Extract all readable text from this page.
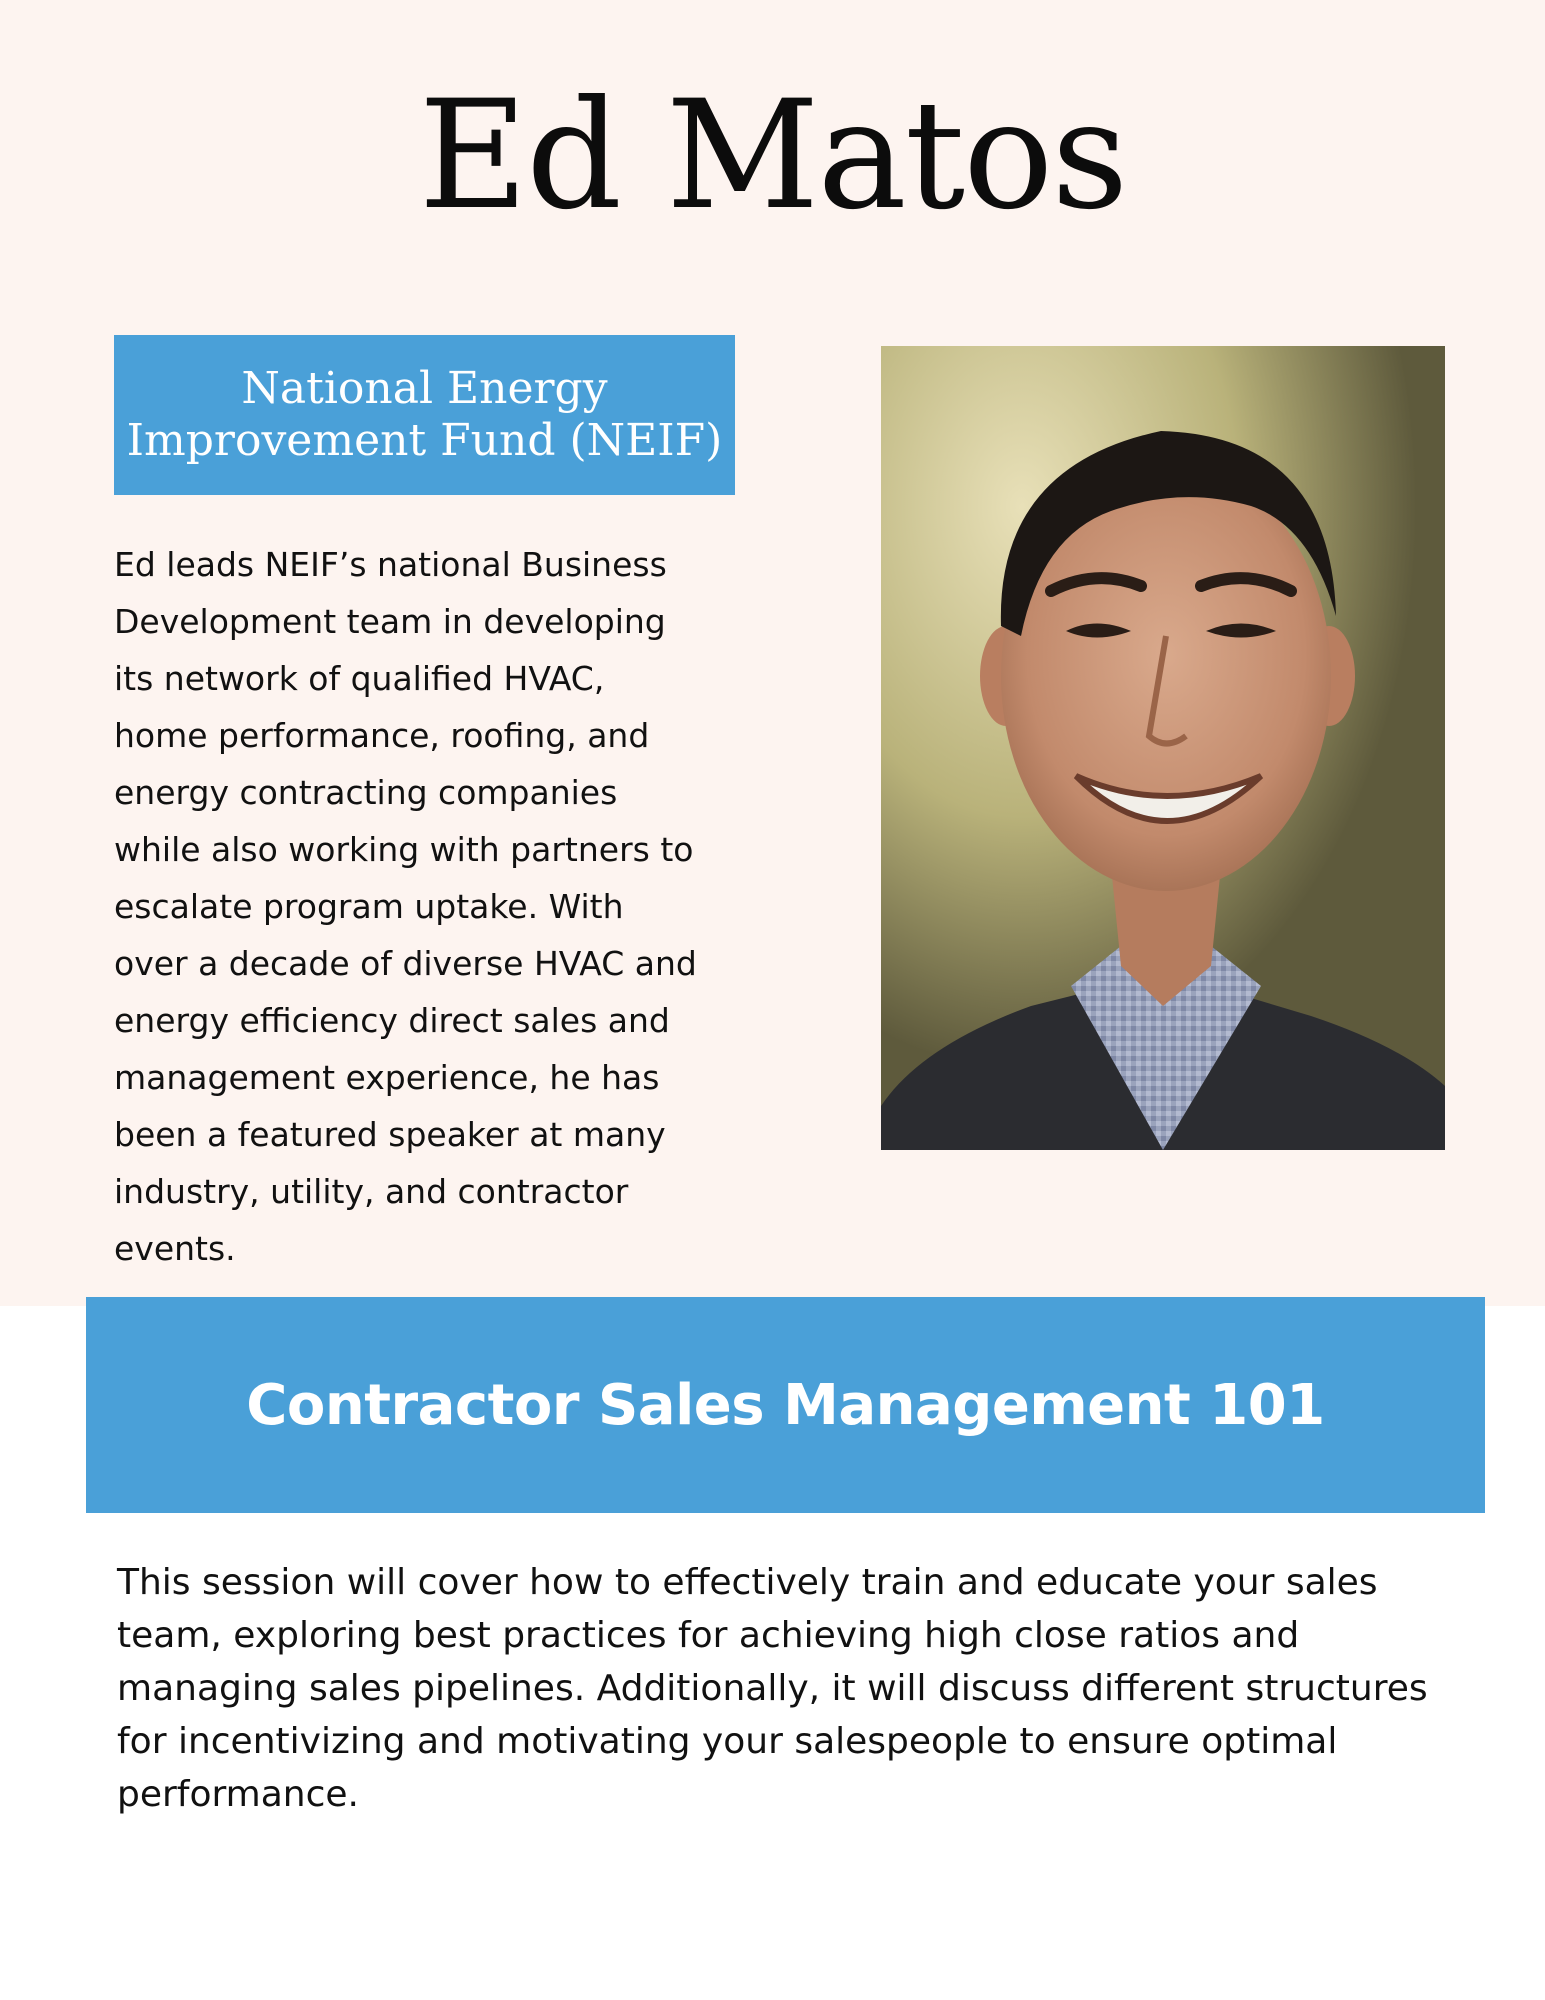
Ed Matos
National Energy
Improvement Fund (NEIF)

Ed leads NEIF’s national Business
Development team in developing
its network of qualified HVAC,
home performance, roofing, and
energy contracting companies
while also working with partners to
escalate program uptake. With
over a decade of diverse HVAC and
energy efficiency direct sales and
management experience, he has
been a featured speaker at many
industry, utility, and contractor
events.

Contractor Sales Management 101

This session will cover how to effectively train and educate your sales
team, exploring best practices for achieving high close ratios and
managing sales pipelines. Additionally, it will discuss different structures
for incentivizing and motivating your salespeople to ensure optimal
performance.
